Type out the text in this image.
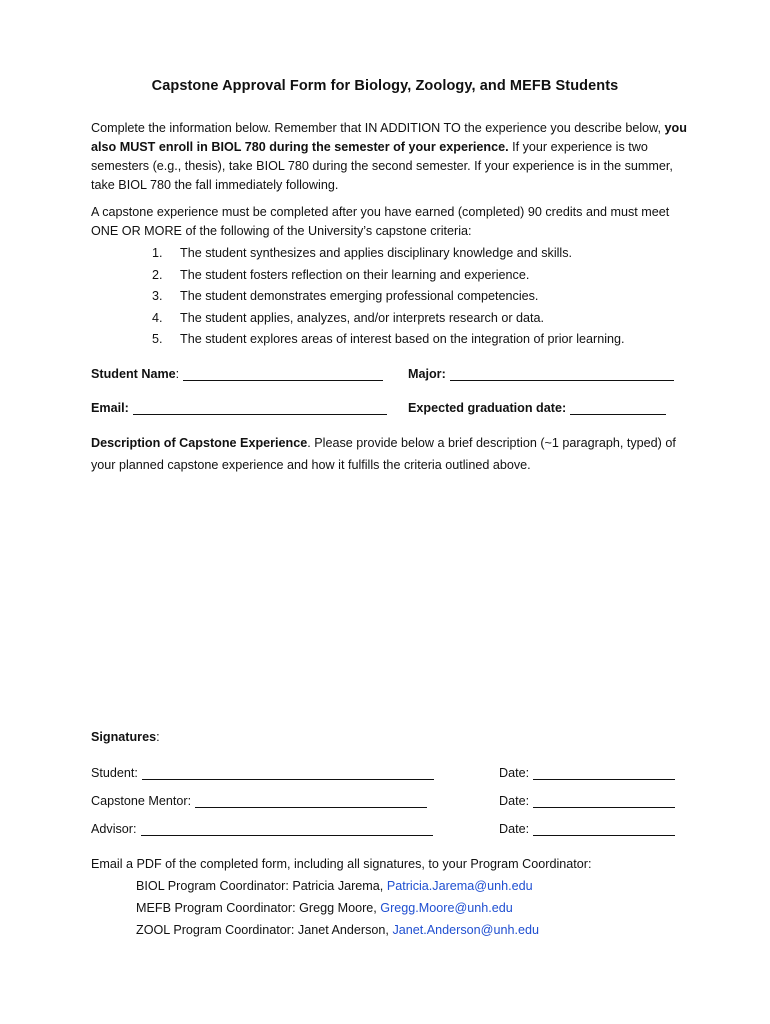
Capstone Approval Form for Biology, Zoology, and MEFB Students
Complete the information below. Remember that IN ADDITION TO the experience you describe below, you also MUST enroll in BIOL 780 during the semester of your experience. If your experience is two semesters (e.g., thesis), take BIOL 780 during the second semester. If your experience is in the summer, take BIOL 780 the fall immediately following.
A capstone experience must be completed after you have earned (completed) 90 credits and must meet ONE OR MORE of the following of the University’s capstone criteria:
1. The student synthesizes and applies disciplinary knowledge and skills.
2. The student fosters reflection on their learning and experience.
3. The student demonstrates emerging professional competencies.
4. The student applies, analyzes, and/or interprets research or data.
5. The student explores areas of interest based on the integration of prior learning.
Student Name :	Major:
Email:	Expected graduation date:
Description of Capstone Experience. Please provide below a brief description (~1 paragraph, typed) of your planned capstone experience and how it fulfills the criteria outlined above.
Signatures:
Student:	Date:
Capstone Mentor:	Date:
Advisor:	Date:
Email a PDF of the completed form, including all signatures, to your Program Coordinator:
BIOL Program Coordinator: Patricia Jarema, Patricia.Jarema@unh.edu
MEFB Program Coordinator: Gregg Moore, Gregg.Moore@unh.edu
ZOOL Program Coordinator: Janet Anderson, Janet.Anderson@unh.edu
